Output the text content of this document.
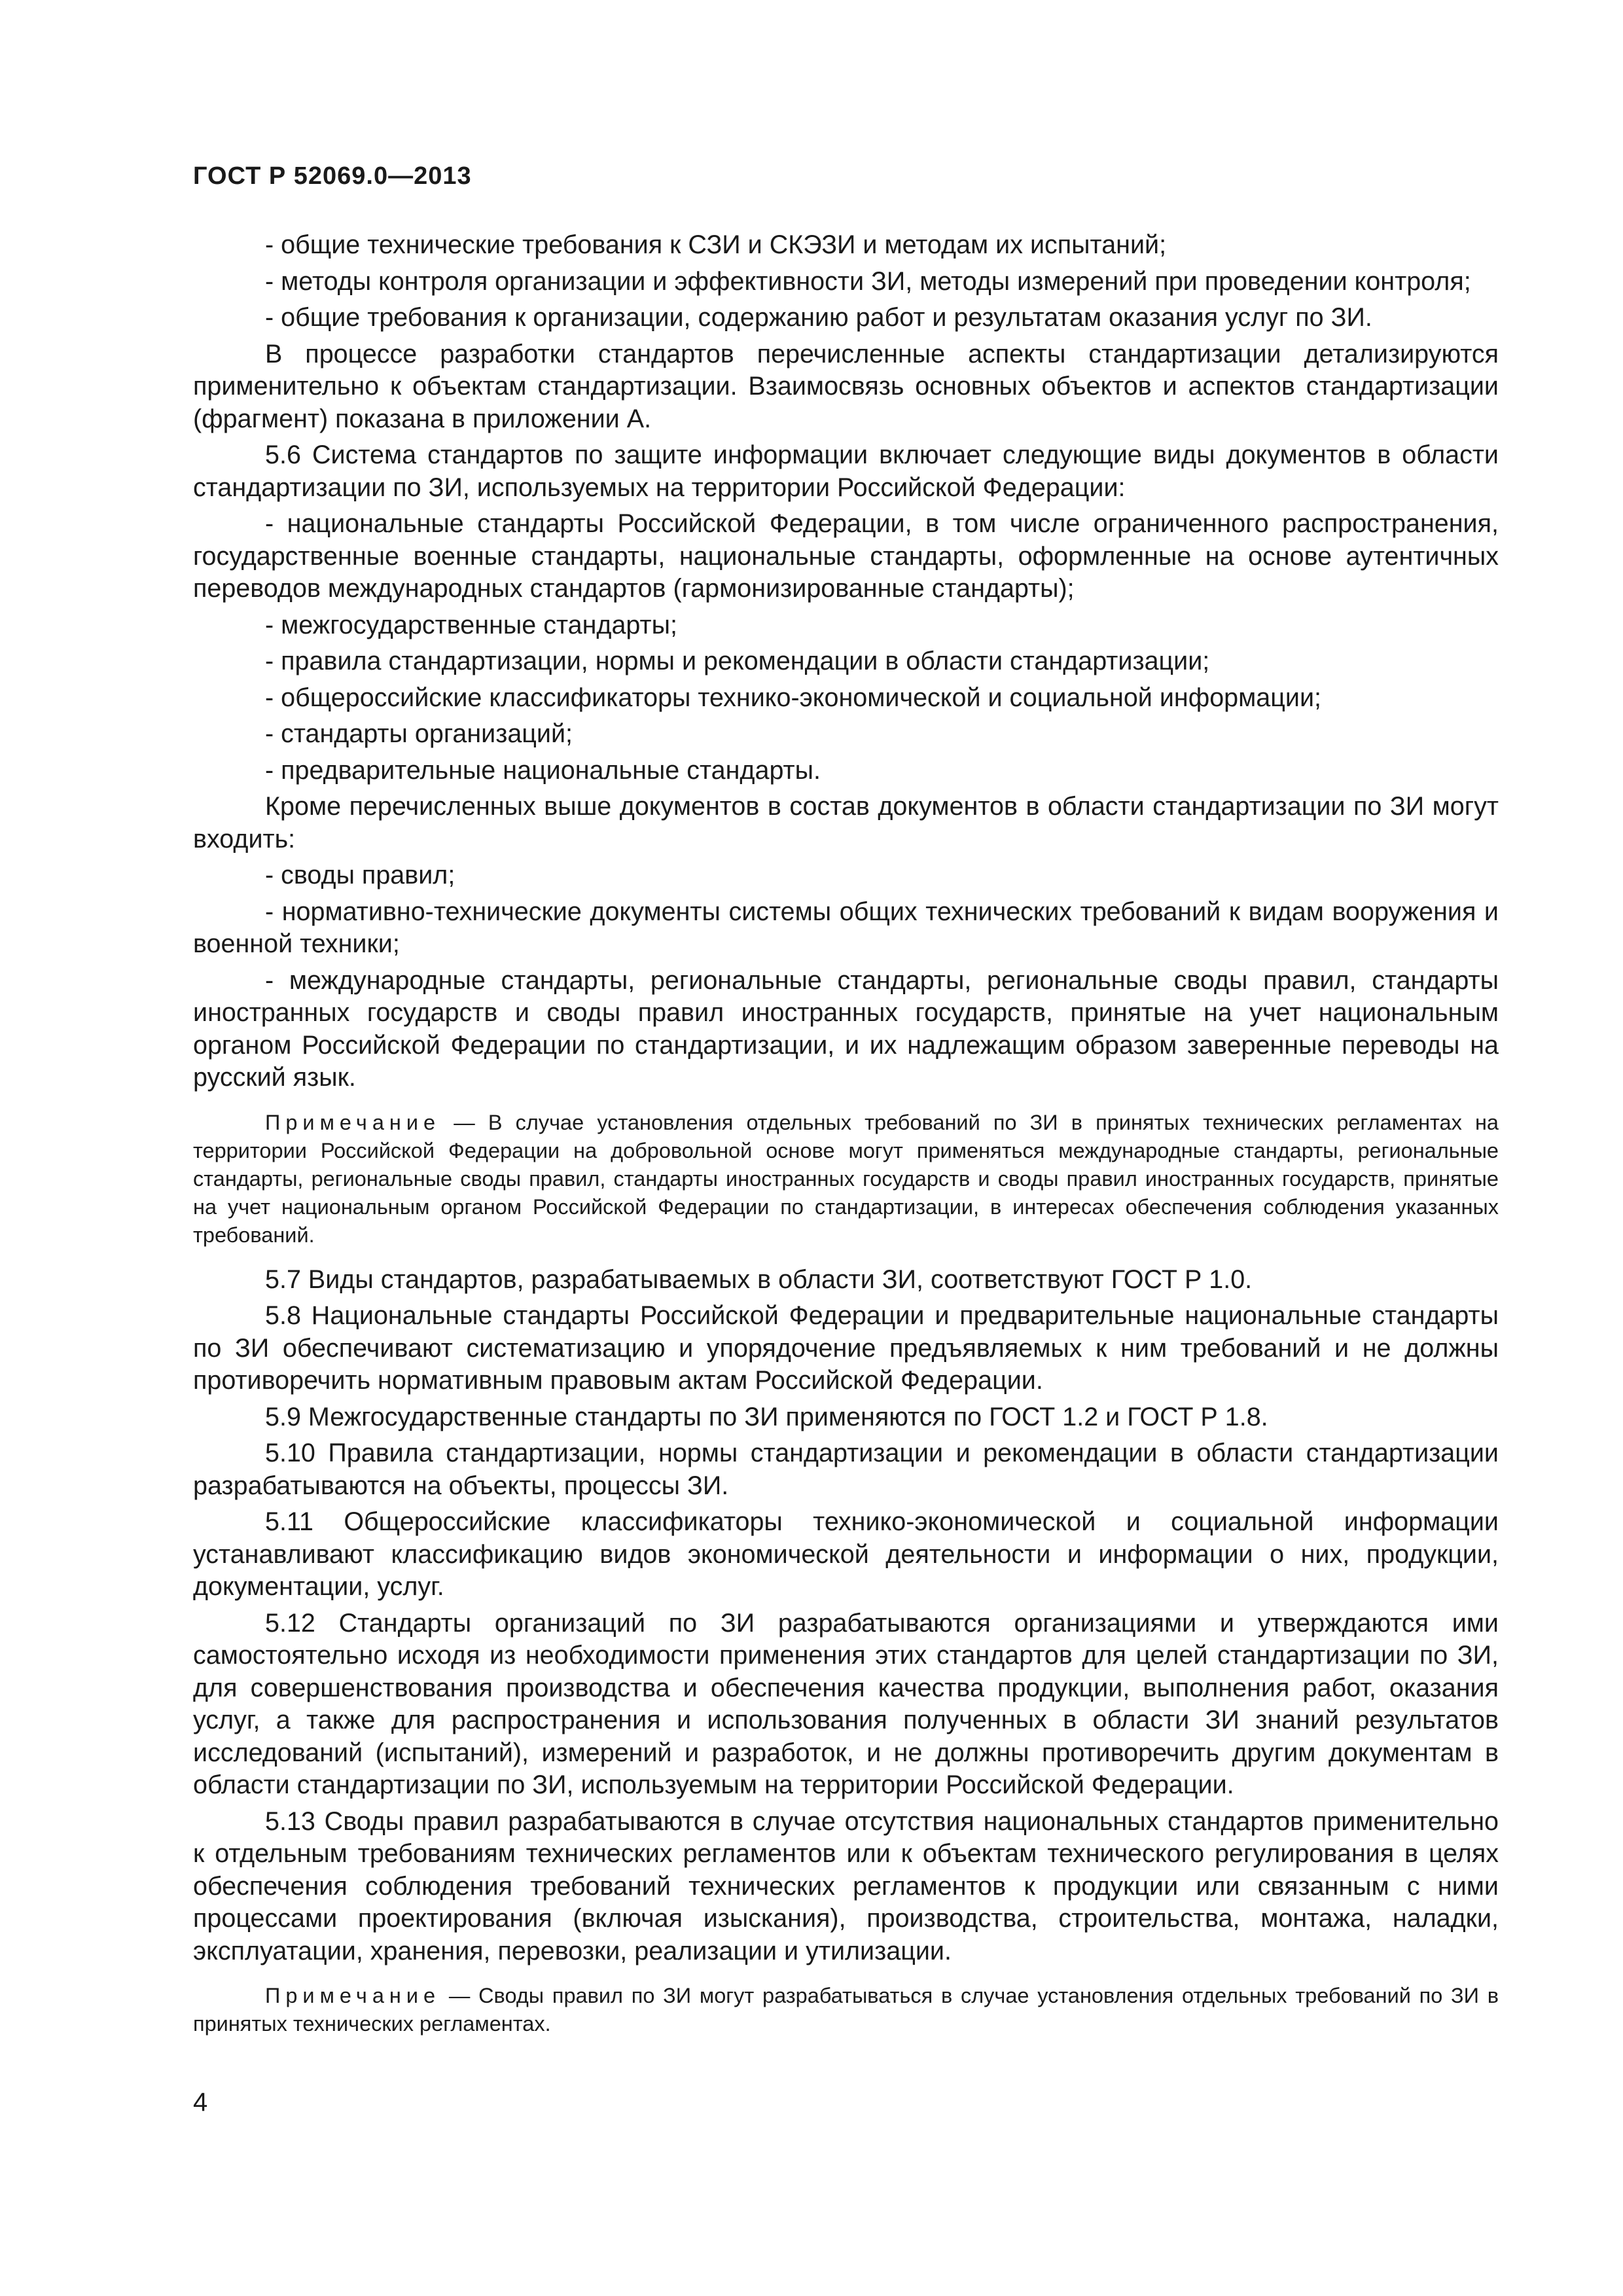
ГОСТ Р 52069.0—2013

- общие технические требования к СЗИ и СКЭЗИ и методам их испытаний;

- методы контроля организации и эффективности ЗИ, методы измерений при проведении контроля;

- общие требования к организации, содержанию работ и результатам оказания услуг по ЗИ.

В процессе разработки стандартов перечисленные аспекты стандартизации детализируются применительно к объектам стандартизации. Взаимосвязь основных объектов и аспектов стандартизации (фрагмент) показана в приложении А.

5.6 Система стандартов по защите информации включает следующие виды документов в области стандартизации по ЗИ, используемых на территории Российской Федерации:

- национальные стандарты Российской Федерации, в том числе ограниченного распространения, государственные военные стандарты, национальные стандарты, оформленные на основе аутентичных переводов международных стандартов (гармонизированные стандарты);

- межгосударственные стандарты;

- правила стандартизации, нормы и рекомендации в области стандартизации;

- общероссийские классификаторы технико-экономической и социальной информации;

- стандарты организаций;

- предварительные национальные стандарты.

Кроме перечисленных выше документов в состав документов в области стандартизации по ЗИ могут входить:

- своды правил;

- нормативно-технические документы системы общих технических требований к видам вооружения и военной техники;

- международные стандарты, региональные стандарты, региональные своды правил, стандарты иностранных государств и своды правил иностранных государств, принятые на учет национальным органом Российской Федерации по стандартизации, и их надлежащим образом заверенные переводы на русский язык.

Примечание — В случае установления отдельных требований по ЗИ в принятых технических регламентах на территории Российской Федерации на добровольной основе могут применяться международные стандарты, региональные стандарты, региональные своды правил, стандарты иностранных государств и своды правил иностранных государств, принятые на учет национальным органом Российской Федерации по стандартизации, в интересах обеспечения соблюдения указанных требований.

5.7 Виды стандартов, разрабатываемых в области ЗИ, соответствуют ГОСТ Р 1.0.

5.8 Национальные стандарты Российской Федерации и предварительные национальные стандарты по ЗИ обеспечивают систематизацию и упорядочение предъявляемых к ним требований и не должны противоречить нормативным правовым актам Российской Федерации.

5.9 Межгосударственные стандарты по ЗИ применяются по ГОСТ 1.2 и ГОСТ Р 1.8.

5.10 Правила стандартизации, нормы стандартизации и рекомендации в области стандартизации разрабатываются на объекты, процессы ЗИ.

5.11 Общероссийские классификаторы технико-экономической и социальной информации устанавливают классификацию видов экономической деятельности и информации о них, продукции, документации, услуг.

5.12 Стандарты организаций по ЗИ разрабатываются организациями и утверждаются ими самостоятельно исходя из необходимости применения этих стандартов для целей стандартизации по ЗИ, для совершенствования производства и обеспечения качества продукции, выполнения работ, оказания услуг, а также для распространения и использования полученных в области ЗИ знаний результатов исследований (испытаний), измерений и разработок, и не должны противоречить другим документам в области стандартизации по ЗИ, используемым на территории Российской Федерации.

5.13 Своды правил разрабатываются в случае отсутствия национальных стандартов применительно к отдельным требованиям технических регламентов или к объектам технического регулирования в целях обеспечения соблюдения требований технических регламентов к продукции или связанным с ними процессами проектирования (включая изыскания), производства, строительства, монтажа, наладки, эксплуатации, хранения, перевозки, реализации и утилизации.

Примечание — Своды правил по ЗИ могут разрабатываться в случае установления отдельных требований по ЗИ в принятых технических регламентах.

4
